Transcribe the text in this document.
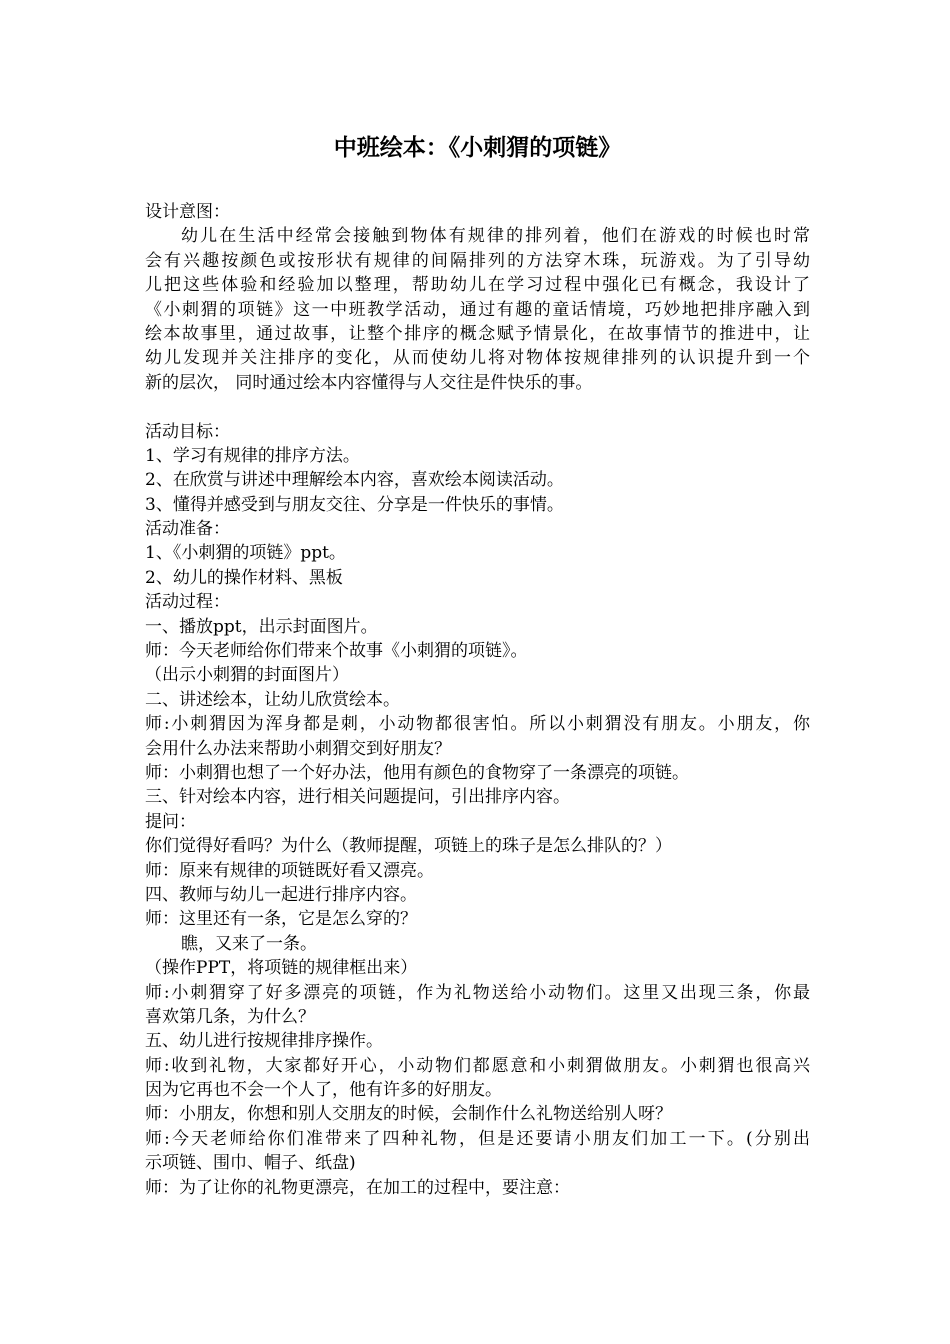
中班绘本：《小刺猬的项链》
设计意图：
幼儿在生活中经常会接触到物体有规律的排列着，他们在游戏的时候也时常
会有兴趣按颜色或按形状有规律的间隔排列的方法穿木珠，玩游戏。为了引导幼
儿把这些体验和经验加以整理，帮助幼儿在学习过程中强化已有概念，我设计了
《小刺猬的项链》这一中班教学活动，通过有趣的童话情境，巧妙地把排序融入到
绘本故事里，通过故事，让整个排序的概念赋予情景化，在故事情节的推进中，让
幼儿发现并关注排序的变化，从而使幼儿将对物体按规律排列的认识提升到一个
新的层次， 同时通过绘本内容懂得与人交往是件快乐的事。
活动目标：
1、学习有规律的排序方法。
2、在欣赏与讲述中理解绘本内容，喜欢绘本阅读活动。
3、懂得并感受到与朋友交往、分享是一件快乐的事情。
活动准备：
1、《小刺猬的项链》ppt。
2、幼儿的操作材料、黑板
活动过程：
一、播放ppt，出示封面图片。
师：今天老师给你们带来个故事《小刺猬的项链》。
（出示小刺猬的封面图片）
二、讲述绘本，让幼儿欣赏绘本。
师:小刺猬因为浑身都是刺，小动物都很害怕。所以小刺猬没有朋友。小朋友，你
会用什么办法来帮助小刺猬交到好朋友？
师：小刺猬也想了一个好办法，他用有颜色的食物穿了一条漂亮的项链。
三、针对绘本内容，进行相关问题提问，引出排序内容。
提问：
你们觉得好看吗？为什么（教师提醒，项链上的珠子是怎么排队的？）
师：原来有规律的项链既好看又漂亮。
四、教师与幼儿一起进行排序内容。
师：这里还有一条，它是怎么穿的？
瞧，又来了一条。
（操作PPT，将项链的规律框出来）
师:小刺猬穿了好多漂亮的项链，作为礼物送给小动物们。这里又出现三条，你最
喜欢第几条，为什么？
五、幼儿进行按规律排序操作。
师:收到礼物，大家都好开心，小动物们都愿意和小刺猬做朋友。小刺猬也很高兴
因为它再也不会一个人了，他有许多的好朋友。
师：小朋友，你想和别人交朋友的时候，会制作什么礼物送给别人呀？
师:今天老师给你们准带来了四种礼物，但是还要请小朋友们加工一下。(分别出
示项链、围巾、帽子、纸盘)
师：为了让你的礼物更漂亮，在加工的过程中，要注意：
